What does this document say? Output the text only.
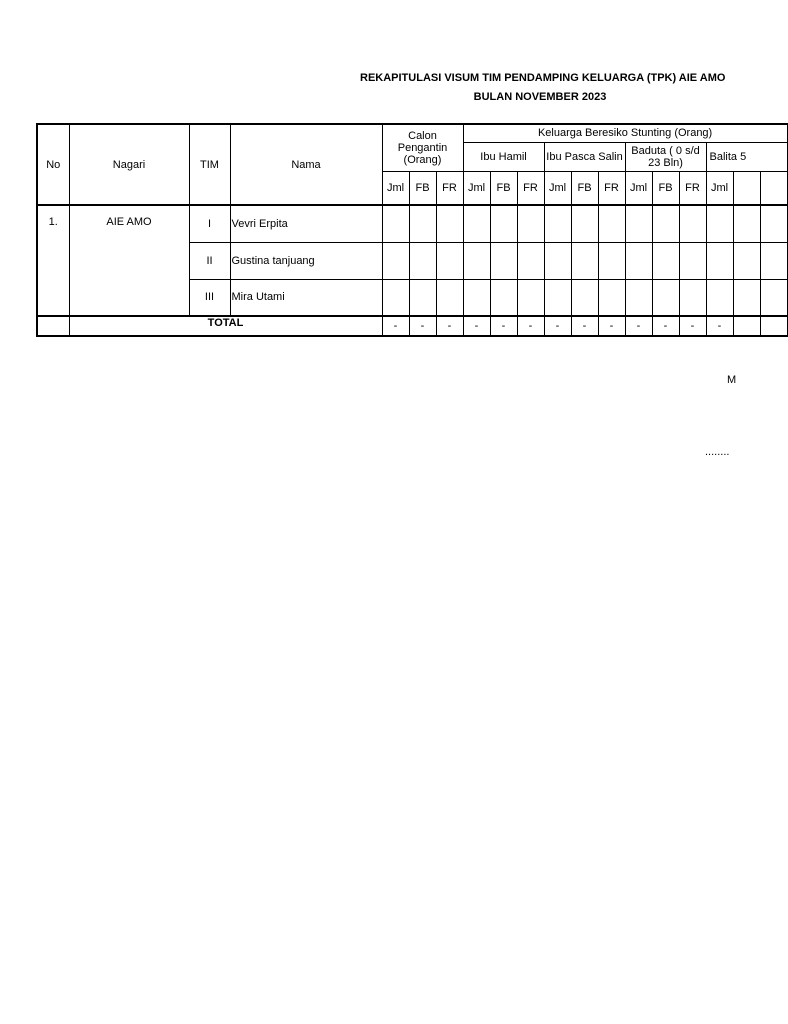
REKAPITULASI VISUM TIM PENDAMPING KELUARGA (TPK) AIE AMO
BULAN NOVEMBER 2023
No	Nagari	TIM	Nama	Calon Pengantin (Orang)			Keluarga Beresiko Stunting (Orang)											
							Ibu Hamil			Ibu Pasca Salin			Baduta ( 0 s/d 23 Bln)			Balita 5		
				Jml	FB	FR	Jml	FB	FR	Jml	FB	FR	Jml	FB	FR	Jml		
1.	AIE AMO	I	Vevri Erpita															
		II	Gustina tanjuang															
		III	Mira Utami															
	TOTAL			-	-	-	-	-	-	-	-	-	-	-	-	-		
M
........
